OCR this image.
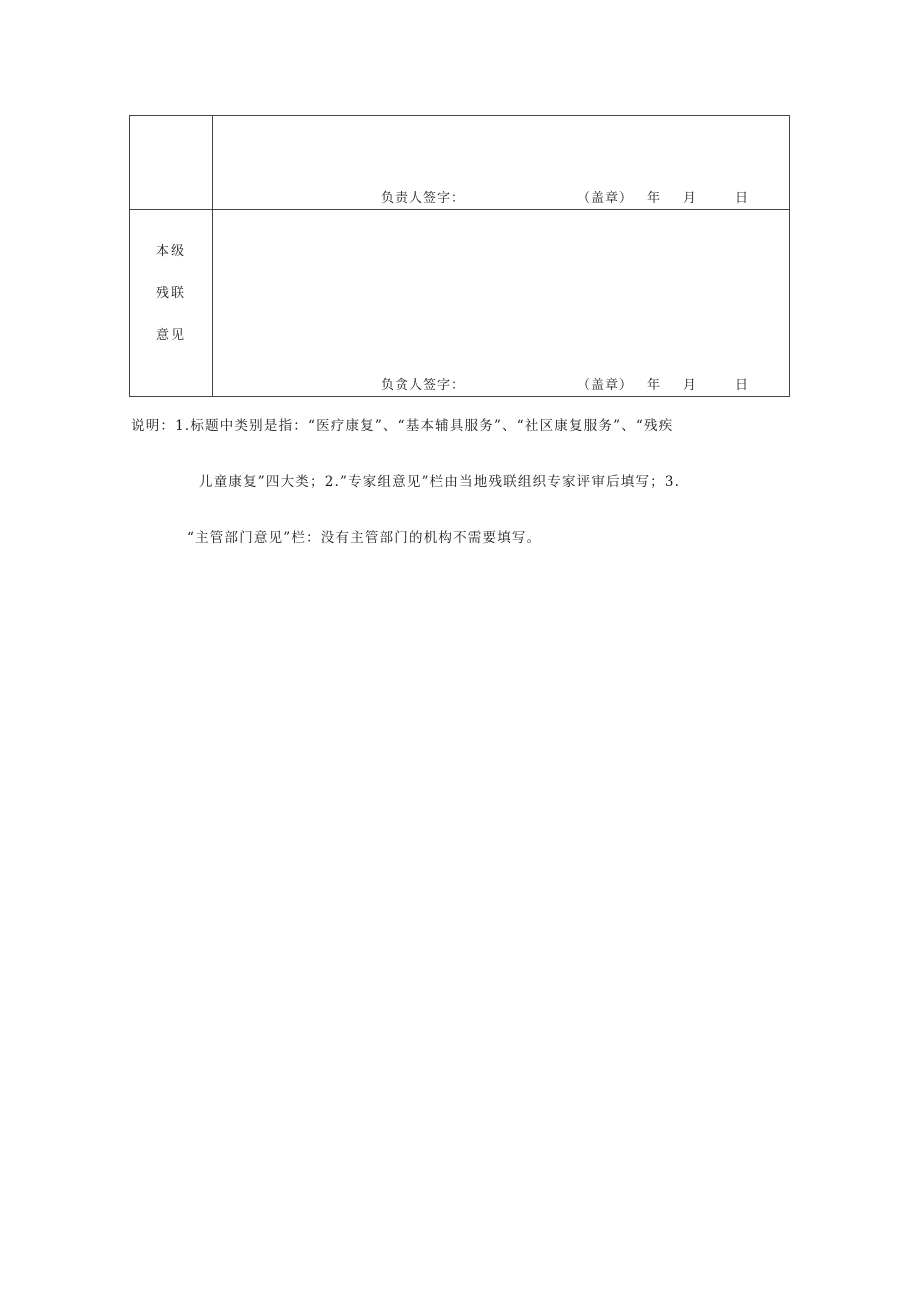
	负责人签字： （盖章） 年 月 日

本级
残联
意见	负贪人签字： （盖章） 年 月 日
说明：1.标题中类别是指：“医疗康复”、“基本辅具服务”、“社区康复服务”、“残疾
儿童康复”四大类；2.”专家组意见”栏由当地残联组织专家评审后填写；3.
“主管部门意见”栏：没有主管部门的机构不需要填写。
